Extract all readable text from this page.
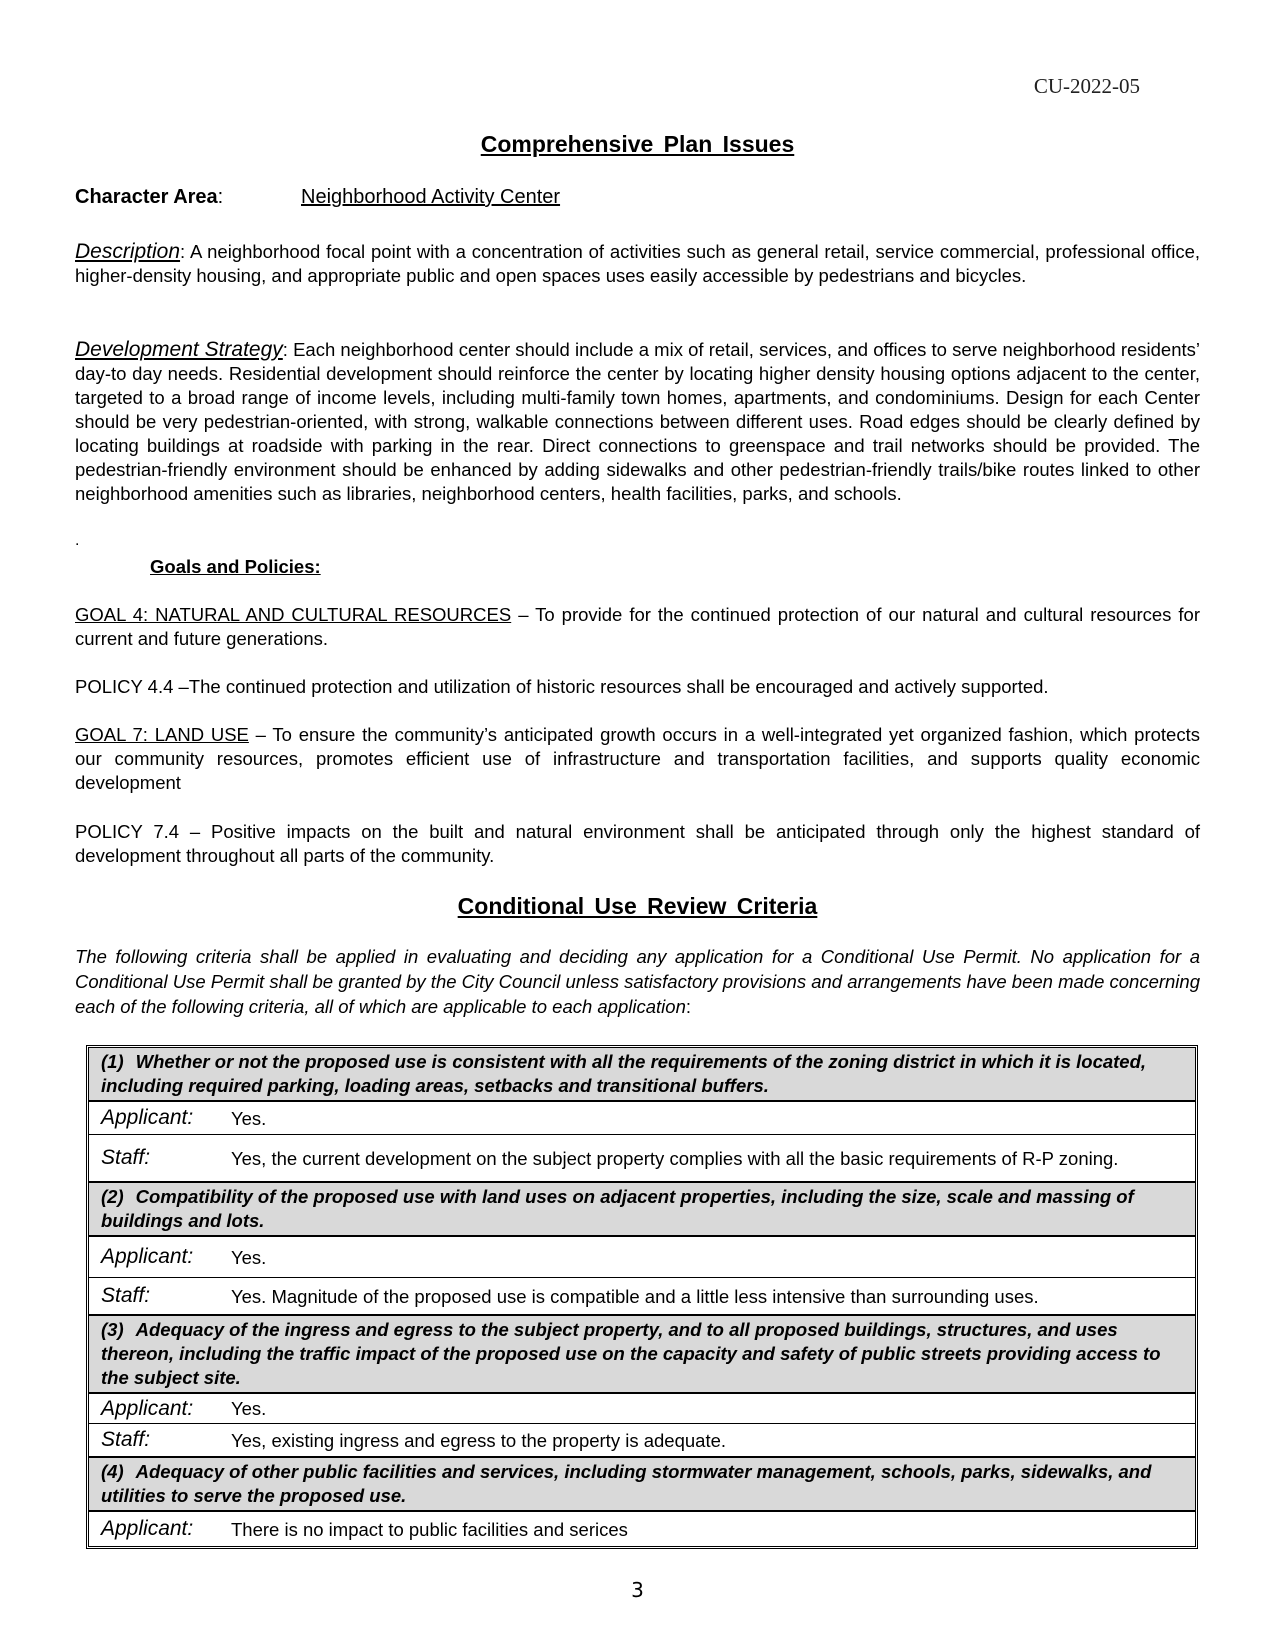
CU-2022-05
Comprehensive Plan Issues
Character Area:	Neighborhood Activity Center
Description: A neighborhood focal point with a concentration of activities such as general retail, service commercial, professional office, higher-density housing, and appropriate public and open spaces uses easily accessible by pedestrians and bicycles.
Development Strategy: Each neighborhood center should include a mix of retail, services, and offices to serve neighborhood residents’ day-to day needs. Residential development should reinforce the center by locating higher density housing options adjacent to the center, targeted to a broad range of income levels, including multi-family town homes, apartments, and condominiums. Design for each Center should be very pedestrian-oriented, with strong, walkable connections between different uses. Road edges should be clearly defined by locating buildings at roadside with parking in the rear. Direct connections to greenspace and trail networks should be provided. The pedestrian-friendly environment should be enhanced by adding sidewalks and other pedestrian-friendly trails/bike routes linked to other neighborhood amenities such as libraries, neighborhood centers, health facilities, parks, and schools.
.
Goals and Policies:
GOAL 4: NATURAL AND CULTURAL RESOURCES – To provide for the continued protection of our natural and cultural resources for current and future generations.
POLICY 4.4 –The continued protection and utilization of historic resources shall be encouraged and actively supported.
GOAL 7: LAND USE – To ensure the community’s anticipated growth occurs in a well-integrated yet organized fashion, which protects our community resources, promotes efficient use of infrastructure and transportation facilities, and supports quality economic development
POLICY 7.4 – Positive impacts on the built and natural environment shall be anticipated through only the highest standard of development throughout all parts of the community.
Conditional Use Review Criteria
The following criteria shall be applied in evaluating and deciding any application for a Conditional Use Permit. No application for a Conditional Use Permit shall be granted by the City Council unless satisfactory provisions and arrangements have been made concerning each of the following criteria, all of which are applicable to each application:
(1) Whether or not the proposed use is consistent with all the requirements of the zoning district in which it is located, including required parking, loading areas, setbacks and transitional buffers.
Applicant:	Yes.
Staff:	Yes, the current development on the subject property complies with all the basic requirements of R-P zoning.
(2) Compatibility of the proposed use with land uses on adjacent properties, including the size, scale and massing of buildings and lots.
Applicant:	Yes.
Staff:	Yes. Magnitude of the proposed use is compatible and a little less intensive than surrounding uses.
(3) Adequacy of the ingress and egress to the subject property, and to all proposed buildings, structures, and uses thereon, including the traffic impact of the proposed use on the capacity and safety of public streets providing access to the subject site.
Applicant:	Yes.
Staff:	Yes, existing ingress and egress to the property is adequate.
(4) Adequacy of other public facilities and services, including stormwater management, schools, parks, sidewalks, and utilities to serve the proposed use.
Applicant:	There is no impact to public facilities and serices
3
